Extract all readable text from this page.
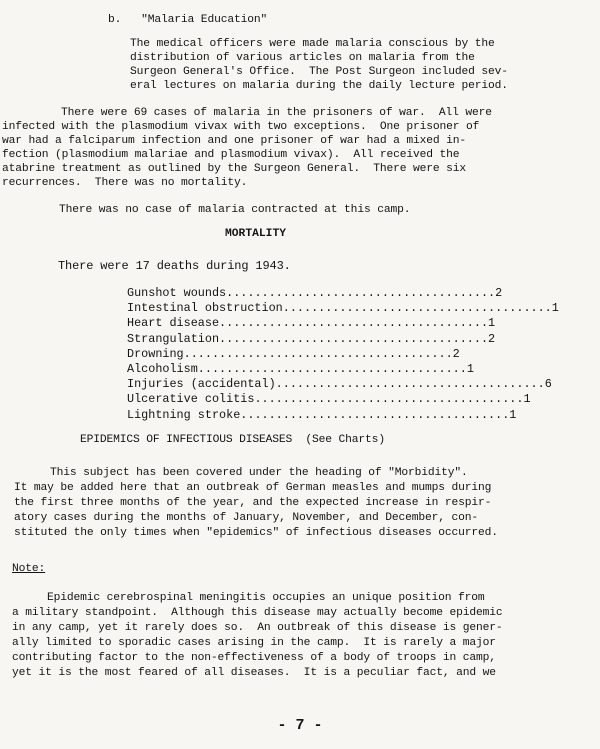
b.   "Malaria Education"
The medical officers were made malaria conscious by the
distribution of various articles on malaria from the
Surgeon General's Office.  The Post Surgeon included sev-
eral lectures on malaria during the daily lecture period.
There were 69 cases of malaria in the prisoners of war.  All were
infected with the plasmodium vivax with two exceptions.  One prisoner of
war had a falciparum infection and one prisoner of war had a mixed in-
fection (plasmodium malariae and plasmodium vivax).  All received the
atabrine treatment as outlined by the Surgeon General.  There were six
recurrences.  There was no mortality.
There was no case of malaria contracted at this camp.
MORTALITY
There were 17 deaths during 1943.
Gunshot wounds ...................................... 2
Intestinal obstruction ...................................... 1
Heart disease ...................................... 1
Strangulation ...................................... 2
Drowning ...................................... 2
Alcoholism ...................................... 1
Injuries (accidental) ...................................... 6
Ulcerative colitis ...................................... 1
Lightning stroke ...................................... 1
EPIDEMICS OF INFECTIOUS DISEASES  (See Charts)
This subject has been covered under the heading of "Morbidity".
It may be added here that an outbreak of German measles and mumps during
the first three months of the year, and the expected increase in respir-
atory cases during the months of January, November, and December, con-
stituted the only times when "epidemics" of infectious diseases occurred.
Note:
Epidemic cerebrospinal meningitis occupies an unique position from
a military standpoint.  Although this disease may actually become epidemic
in any camp, yet it rarely does so.  An outbreak of this disease is gener-
ally limited to sporadic cases arising in the camp.  It is rarely a major
contributing factor to the non-effectiveness of a body of troops in camp,
yet it is the most feared of all diseases.  It is a peculiar fact, and we
- 7 -
